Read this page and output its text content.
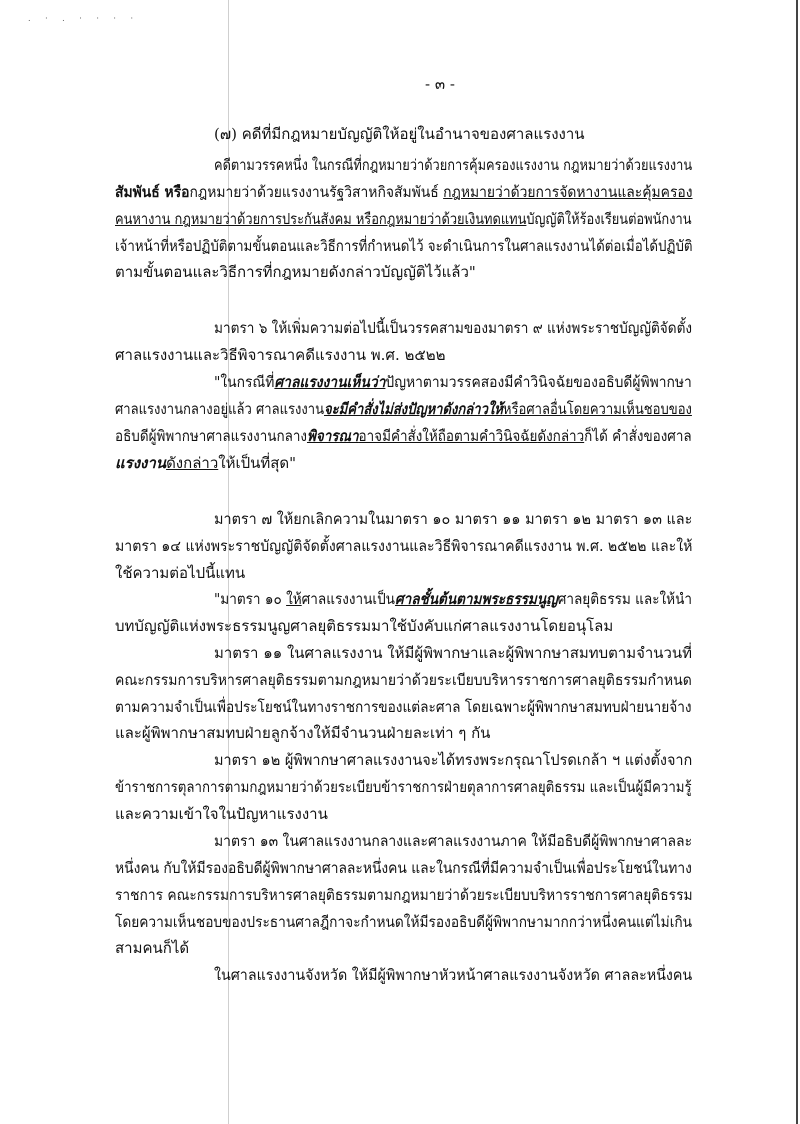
. · . · · · ·
- ๓ -
(๗) คดีที่มีกฎหมายบัญญัติให้อยู่ในอำนาจของศาลแรงงาน
คดีตามวรรคหนึ่ง ในกรณีที่กฎหมายว่าด้วยการคุ้มครองแรงงาน กฎหมายว่าด้วยแรงงาน
สัมพันธ์ หรือกฎหมายว่าด้วยแรงงานรัฐวิสาหกิจสัมพันธ์ กฎหมายว่าด้วยการจัดหางานและคุ้มครอง
คนหางาน กฎหมายว่าด้วยการประกันสังคม หรือกฎหมายว่าด้วยเงินทดแทนบัญญัติให้ร้องเรียนต่อพนักงาน
เจ้าหน้าที่หรือปฏิบัติตามขั้นตอนและวิธีการที่กำหนดไว้ จะดำเนินการในศาลแรงงานได้ต่อเมื่อได้ปฏิบัติ
ตามขั้นตอนและวิธีการที่กฎหมายดังกล่าวบัญญัติไว้แล้ว"
มาตรา ๖ ให้เพิ่มความต่อไปนี้เป็นวรรคสามของมาตรา ๙ แห่งพระราชบัญญัติจัดตั้ง
ศาลแรงงานและวิธีพิจารณาคดีแรงงาน พ.ศ. ๒๕๒๒
"ในกรณีที่ศาลแรงงานเห็นว่าปัญหาตามวรรคสองมีคำวินิจฉัยของอธิบดีผู้พิพากษา
ศาลแรงงานกลางอยู่แล้ว ศาลแรงงานจะมีคำสั่งไม่ส่งปัญหาดังกล่าวให้หรือศาลอื่นโดยความเห็นชอบของ
อธิบดีผู้พิพากษาศาลแรงงานกลางพิจารณาอาจมีคำสั่งให้ถือตามคำวินิจฉัยดังกล่าวก็ได้ คำสั่งของศาล
แรงงานดังกล่าวให้เป็นที่สุด"
มาตรา ๗ ให้ยกเลิกความในมาตรา ๑๐ มาตรา ๑๑ มาตรา ๑๒ มาตรา ๑๓ และ
มาตรา ๑๔ แห่งพระราชบัญญัติจัดตั้งศาลแรงงานและวิธีพิจารณาคดีแรงงาน พ.ศ. ๒๕๒๒ และให้
ใช้ความต่อไปนี้แทน
"มาตรา ๑๐ ให้ศาลแรงงานเป็นศาลชั้นต้นตามพระธรรมนูญศาลยุติธรรม และให้นำ
บทบัญญัติแห่งพระธรรมนูญศาลยุติธรรมมาใช้บังคับแก่ศาลแรงงานโดยอนุโลม
มาตรา ๑๑ ในศาลแรงงาน ให้มีผู้พิพากษาและผู้พิพากษาสมทบตามจำนวนที่
คณะกรรมการบริหารศาลยุติธรรมตามกฎหมายว่าด้วยระเบียบบริหารราชการศาลยุติธรรมกำหนด
ตามความจำเป็นเพื่อประโยชน์ในทางราชการของแต่ละศาล โดยเฉพาะผู้พิพากษาสมทบฝ่ายนายจ้าง
และผู้พิพากษาสมทบฝ่ายลูกจ้างให้มีจำนวนฝ่ายละเท่า ๆ กัน
มาตรา ๑๒ ผู้พิพากษาศาลแรงงานจะได้ทรงพระกรุณาโปรดเกล้า ฯ แต่งตั้งจาก
ข้าราชการตุลาการตามกฎหมายว่าด้วยระเบียบข้าราชการฝ่ายตุลาการศาลยุติธรรม และเป็นผู้มีความรู้
และความเข้าใจในปัญหาแรงงาน
มาตรา ๑๓ ในศาลแรงงานกลางและศาลแรงงานภาค ให้มีอธิบดีผู้พิพากษาศาลละ
หนึ่งคน กับให้มีรองอธิบดีผู้พิพากษาศาลละหนึ่งคน และในกรณีที่มีความจำเป็นเพื่อประโยชน์ในทาง
ราชการ คณะกรรมการบริหารศาลยุติธรรมตามกฎหมายว่าด้วยระเบียบบริหารราชการศาลยุติธรรม
โดยความเห็นชอบของประธานศาลฎีกาจะกำหนดให้มีรองอธิบดีผู้พิพากษามากกว่าหนึ่งคนแต่ไม่เกิน
สามคนก็ได้
ในศาลแรงงานจังหวัด ให้มีผู้พิพากษาหัวหน้าศาลแรงงานจังหวัด ศาลละหนึ่งคน
